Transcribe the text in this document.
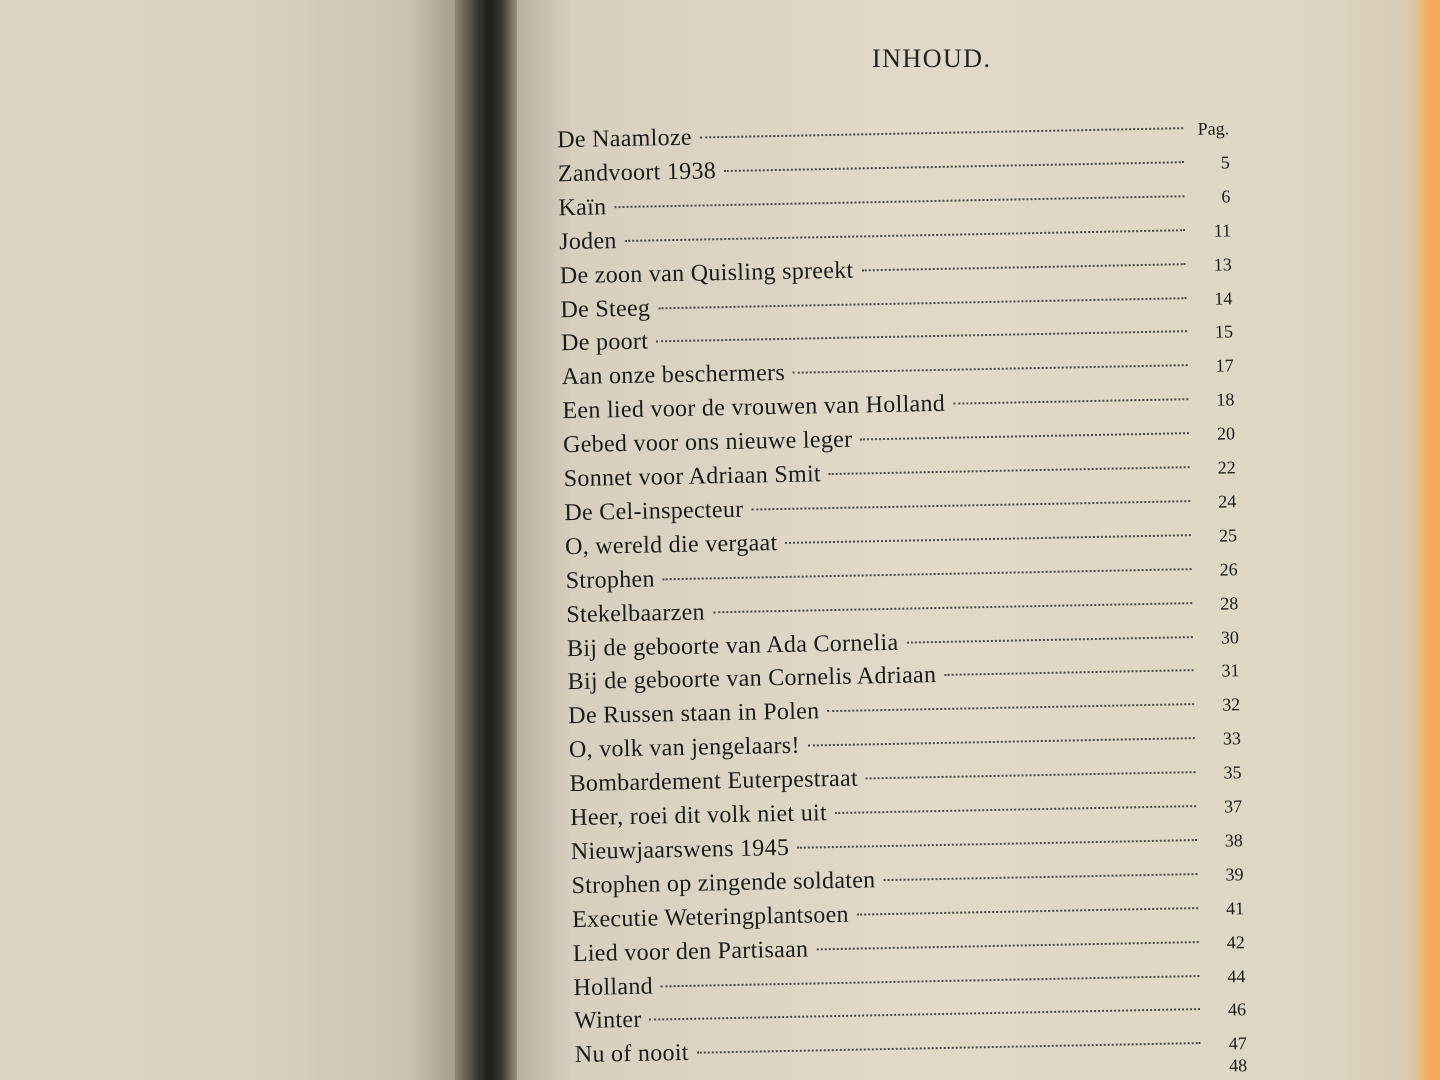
INHOUD.
De Naamloze	Pag.
Zandvoort 1938	5
Kaïn	6
Joden	11
De zoon van Quisling spreekt	13
De Steeg	14
De poort	15
Aan onze beschermers	17
Een lied voor de vrouwen van Holland	18
Gebed voor ons nieuwe leger	20
Sonnet voor Adriaan Smit	22
De Cel-inspecteur	24
O, wereld die vergaat	25
Strophen	26
Stekelbaarzen	28
Bij de geboorte van Ada Cornelia	30
Bij de geboorte van Cornelis Adriaan	31
De Russen staan in Polen	32
O, volk van jengelaars!	33
Bombardement Euterpestraat	35
Heer, roei dit volk niet uit	37
Nieuwjaarswens 1945	38
Strophen op zingende soldaten	39
Executie Weteringplantsoen	41
Lied voor den Partisaan	42
Holland	44
Winter	46
Nu of nooit	47
48
